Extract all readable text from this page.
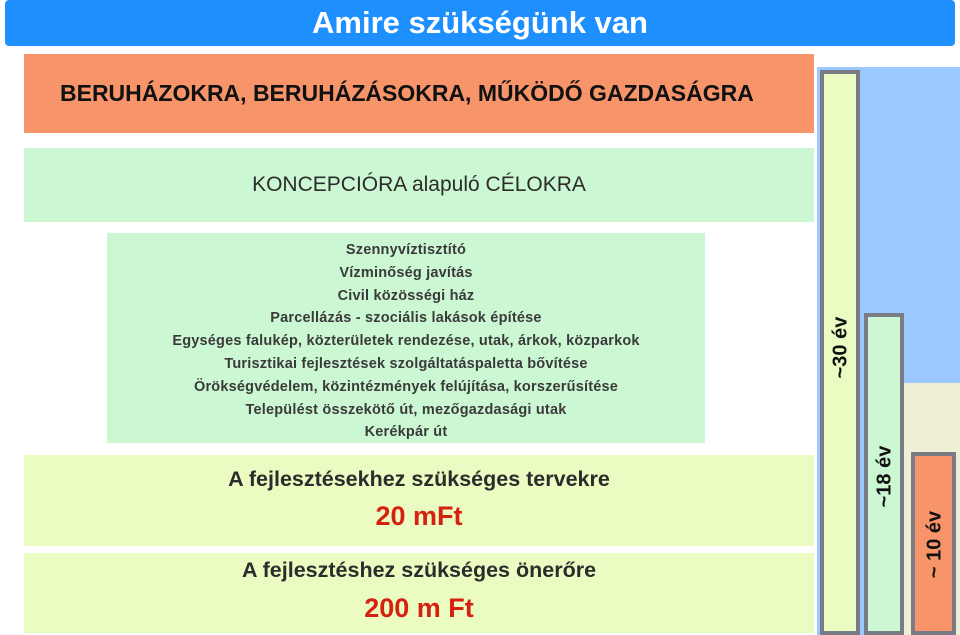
Amire szükségünk van
BERUHÁZOKRA, BERUHÁZÁSOKRA, MŰKÖDŐ GAZDASÁGRA
KONCEPCIÓRA alapuló CÉLOKRA
Szennyvíztisztító
Vízminőség javítás
Civil közösségi ház
Parcellázás - szociális lakások építése
Egységes falukép, közterületek rendezése, utak, árkok, közparkok
Turisztikai fejlesztések szolgáltatáspaletta bővítése
Örökségvédelem, közintézmények felújítása, korszerűsítése
Települést összekötő út, mezőgazdasági utak
Kerékpár út
A fejlesztésekhez szükséges tervekre
20 mFt
A fejlesztéshez szükséges önerőre
200 m Ft
~30 év
~18 év
~ 10 év
